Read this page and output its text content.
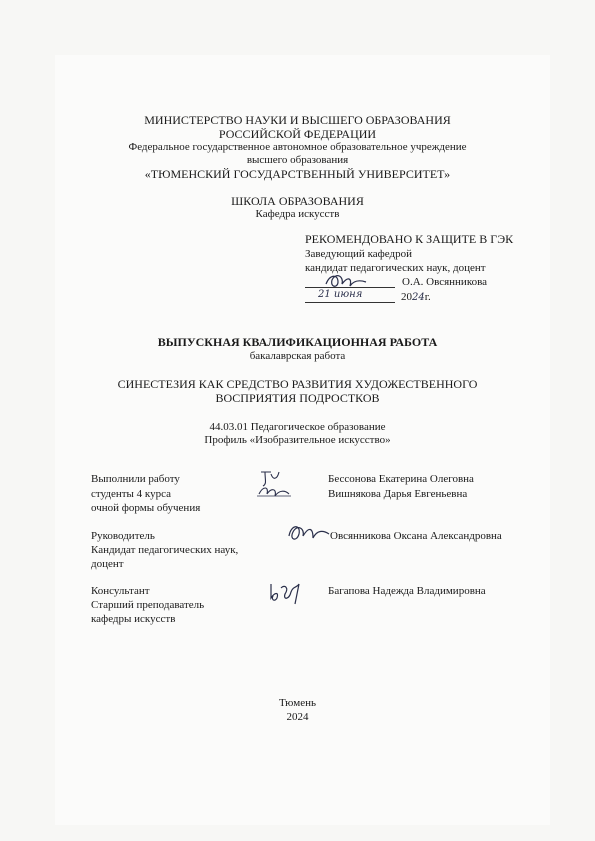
МИНИСТЕРСТВО НАУКИ И ВЫСШЕГО ОБРАЗОВАНИЯ
РОССИЙСКОЙ ФЕДЕРАЦИИ
Федеральное государственное автономное образовательное учреждение
высшего образования
«ТЮМЕНСКИЙ ГОСУДАРСТВЕННЫЙ УНИВЕРСИТЕТ»
ШКОЛА ОБРАЗОВАНИЯ
Кафедра искусств
РЕКОМЕНДОВАНО К ЗАЩИТЕ В ГЭК
Заведующий кафедрой
кандидат педагогических наук, доцент
О.А. Овсянникова
21 июня	2024г.
ВЫПУСКНАЯ КВАЛИФИКАЦИОННАЯ РАБОТА
бакалаврская работа
СИНЕСТЕЗИЯ КАК СРЕДСТВО РАЗВИТИЯ ХУДОЖЕСТВЕННОГО
ВОСПРИЯТИЯ ПОДРОСТКОВ
44.03.01 Педагогическое образование
Профиль «Изобразительное искусство»
Выполнили работу
студенты 4 курса
очной формы обучения
Бессонова Екатерина Олеговна
Вишнякова Дарья Евгеньевна
Руководитель
Кандидат педагогических наук,
доцент
Овсянникова Оксана Александровна
Консультант
Старший преподаватель
кафедры искусств
Багапова Надежда Владимировна
Тюмень
2024
